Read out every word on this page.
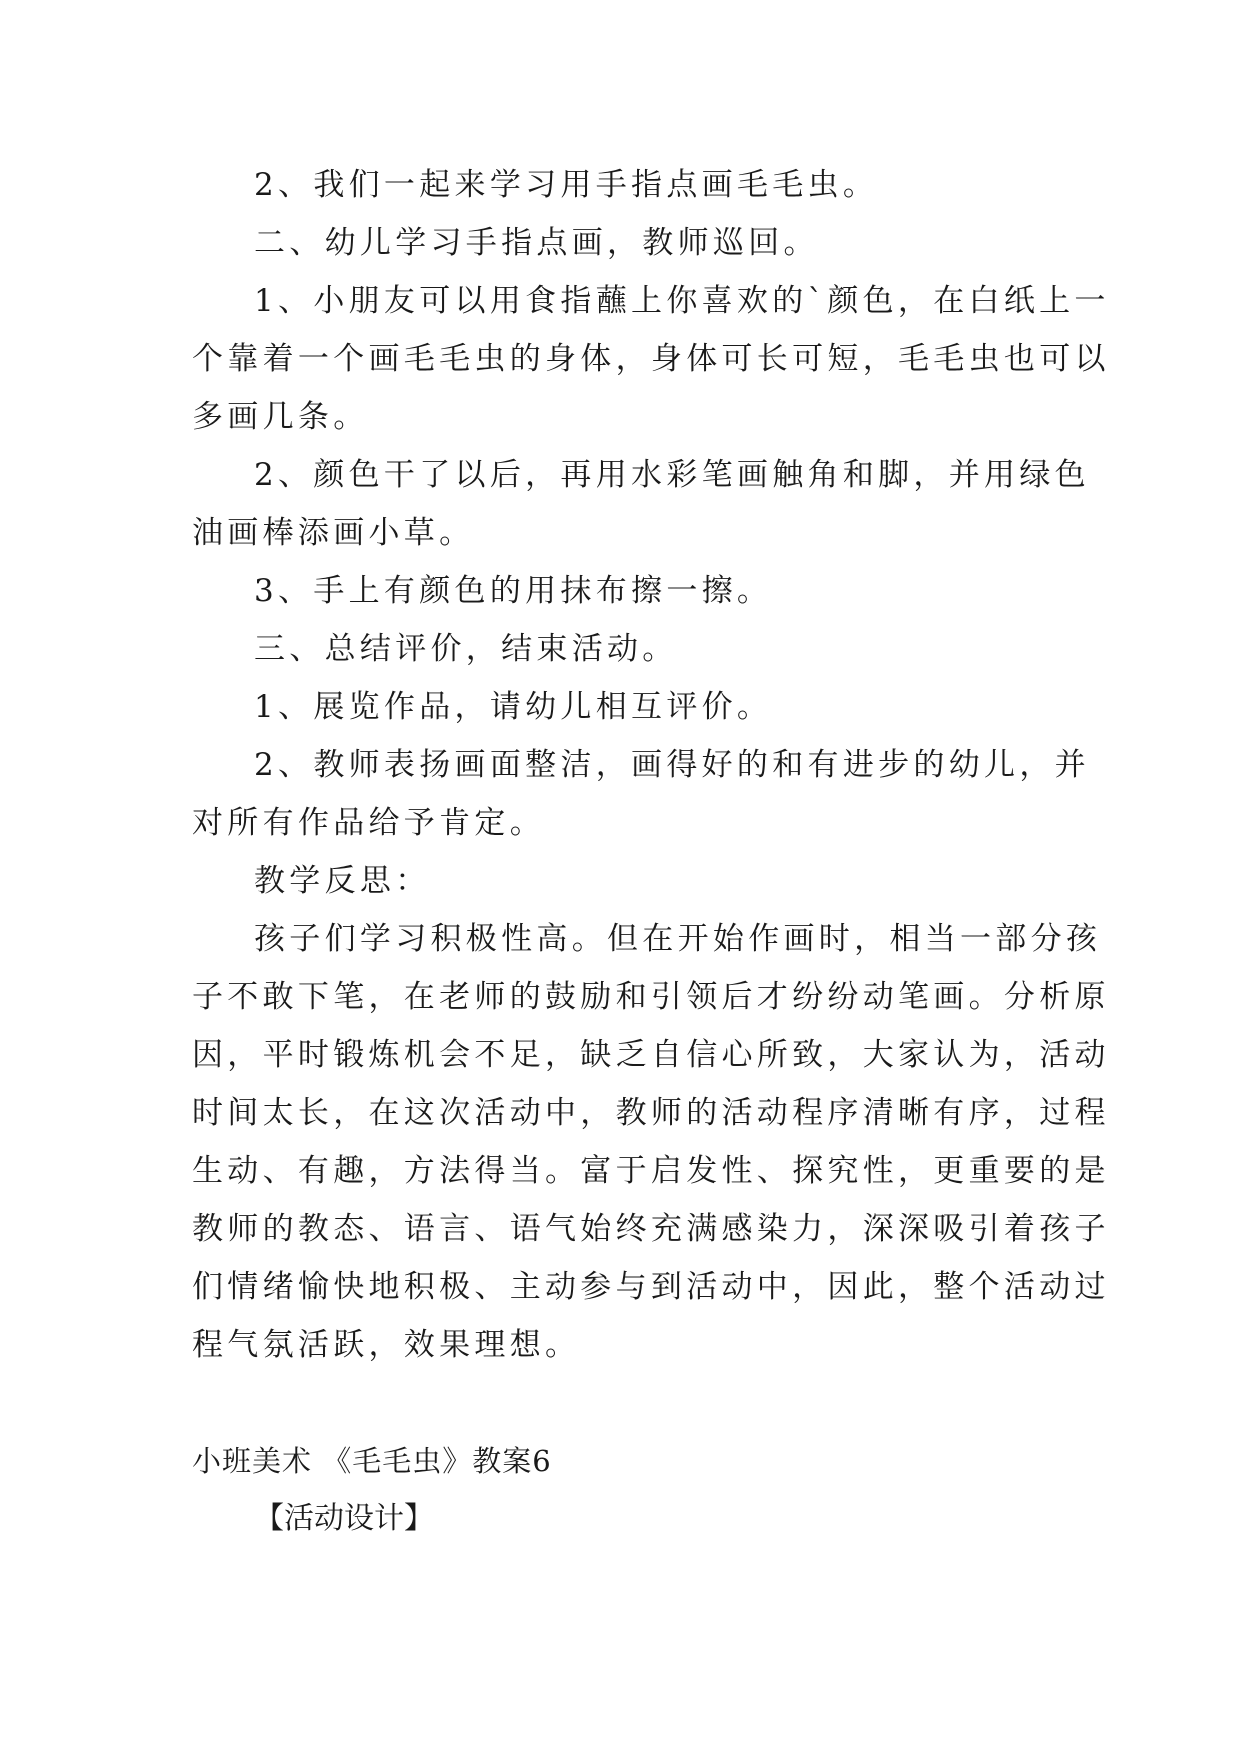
2、我们一起来学习用手指点画毛毛虫。
二、幼儿学习手指点画，教师巡回。
1、小朋友可以用食指蘸上你喜欢的`颜色，在白纸上一
个靠着一个画毛毛虫的身体，身体可长可短，毛毛虫也可以
多画几条。
2、颜色干了以后，再用水彩笔画触角和脚，并用绿色
油画棒添画小草。
3、手上有颜色的用抹布擦一擦。
三、总结评价，结束活动。
1、展览作品，请幼儿相互评价。
2、教师表扬画面整洁，画得好的和有进步的幼儿，并
对所有作品给予肯定。
教学反思：
孩子们学习积极性高。但在开始作画时，相当一部分孩
子不敢下笔，在老师的鼓励和引领后才纷纷动笔画。分析原
因，平时锻炼机会不足，缺乏自信心所致，大家认为，活动
时间太长，在这次活动中，教师的活动程序清晰有序，过程
生动、有趣，方法得当。富于启发性、探究性，更重要的是
教师的教态、语言、语气始终充满感染力，深深吸引着孩子
们情绪愉快地积极、主动参与到活动中，因此，整个活动过
程气氛活跃，效果理想。
小班美术 《毛毛虫》教案6
【活动设计】
